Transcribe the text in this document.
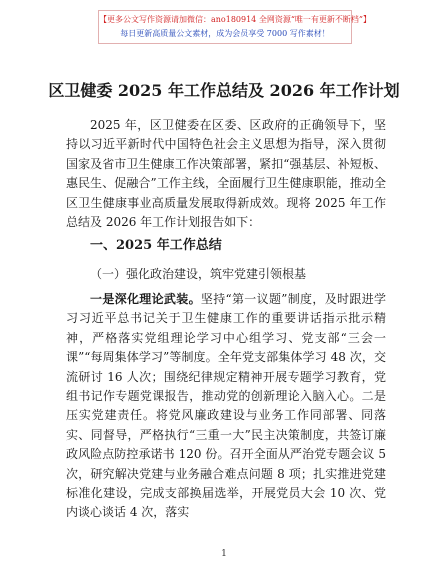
【更多公文写作资源请加微信：ano180914 全网资源“唯一有更新不断档”】
每日更新高质量公文素材，成为会员享受 7000 写作素材！
区卫健委 2025 年工作总结及 2026 年工作计划
2025 年，区卫健委在区委、区政府的正确领导下，坚持以习近平新时代中国特色社会主义思想为指导，深入贯彻国家及省市卫生健康工作决策部署，紧扣“强基层、补短板、惠民生、促融合”工作主线，全面履行卫生健康职能，推动全区卫生健康事业高质量发展取得新成效。现将 2025 年工作总结及 2026 年工作计划报告如下：
一、2025 年工作总结
（一）强化政治建设，筑牢党建引领根基
一是深化理论武装。坚持“第一议题”制度，及时跟进学习习近平总书记关于卫生健康工作的重要讲话指示批示精神，严格落实党组理论学习中心组学习、党支部“三会一课”“每周集体学习”等制度。全年党支部集体学习 48 次，交流研讨 16 人次；围绕纪律规定精神开展专题学习教育，党组书记作专题党课报告，推动党的创新理论入脑入心。二是压实党建责任。将党风廉政建设与业务工作同部署、同落实、同督导，严格执行“三重一大”民主决策制度，共签订廉政风险点防控承诺书 120 份。召开全面从严治党专题会议 5 次，研究解决党建与业务融合难点问题 8 项；扎实推进党建标准化建设，完成支部换届选举，开展党员大会 10 次、党内谈心谈话 4 次，落实
1
